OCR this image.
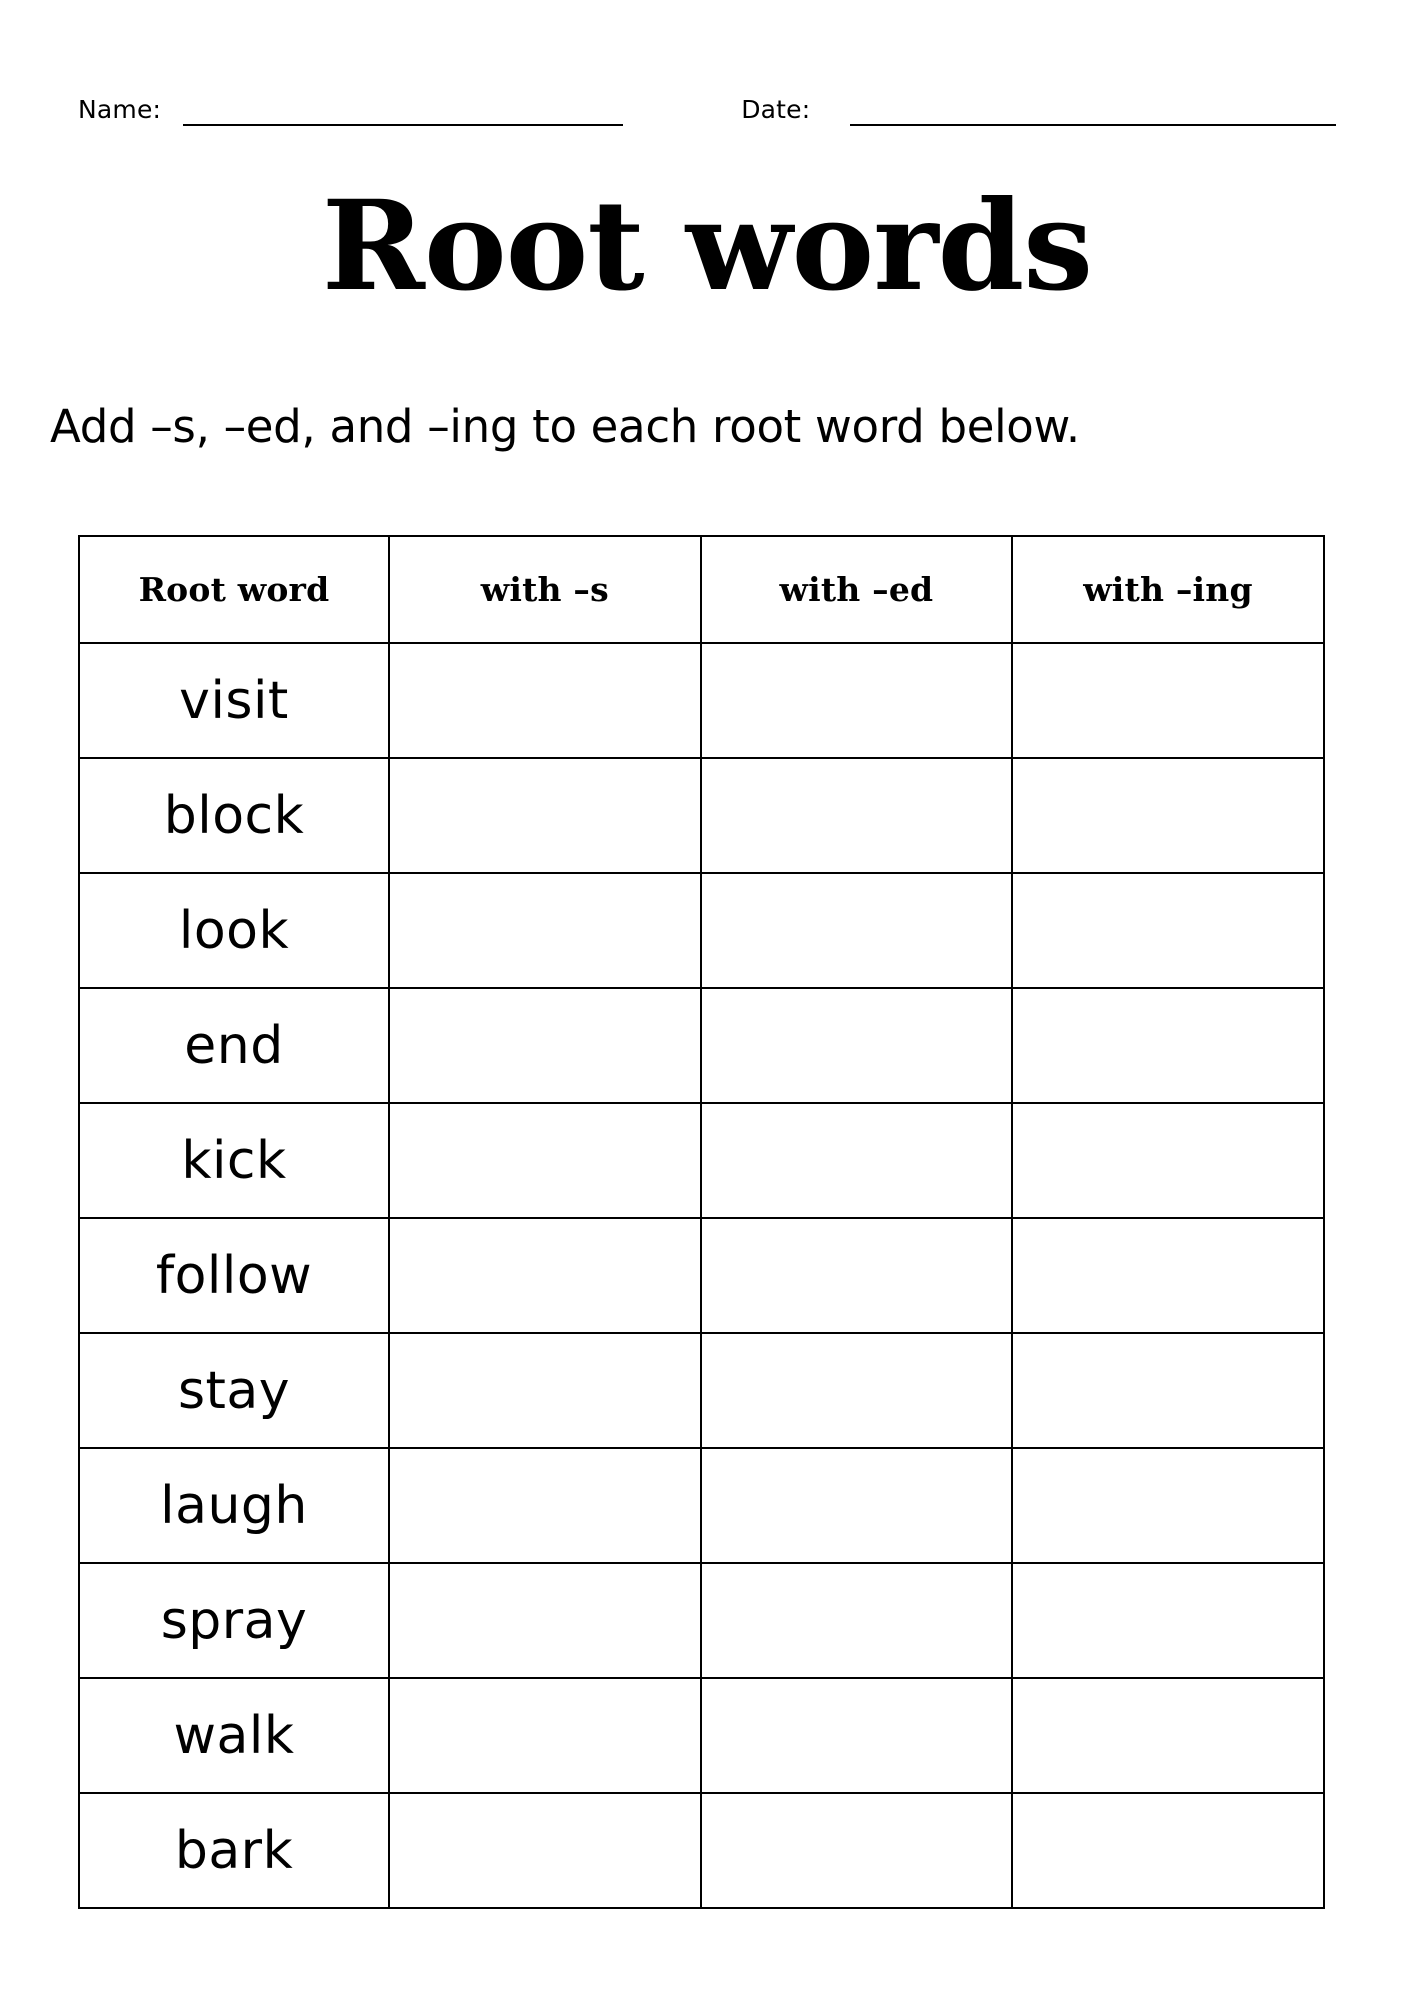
Name:	Date:
Root words
Add –s, –ed, and –ing to each root word below.
Root word	with –s	with –ed	with –ing
visit			
block			
look			
end			
kick			
follow			
stay			
laugh			
spray			
walk			
bark			
